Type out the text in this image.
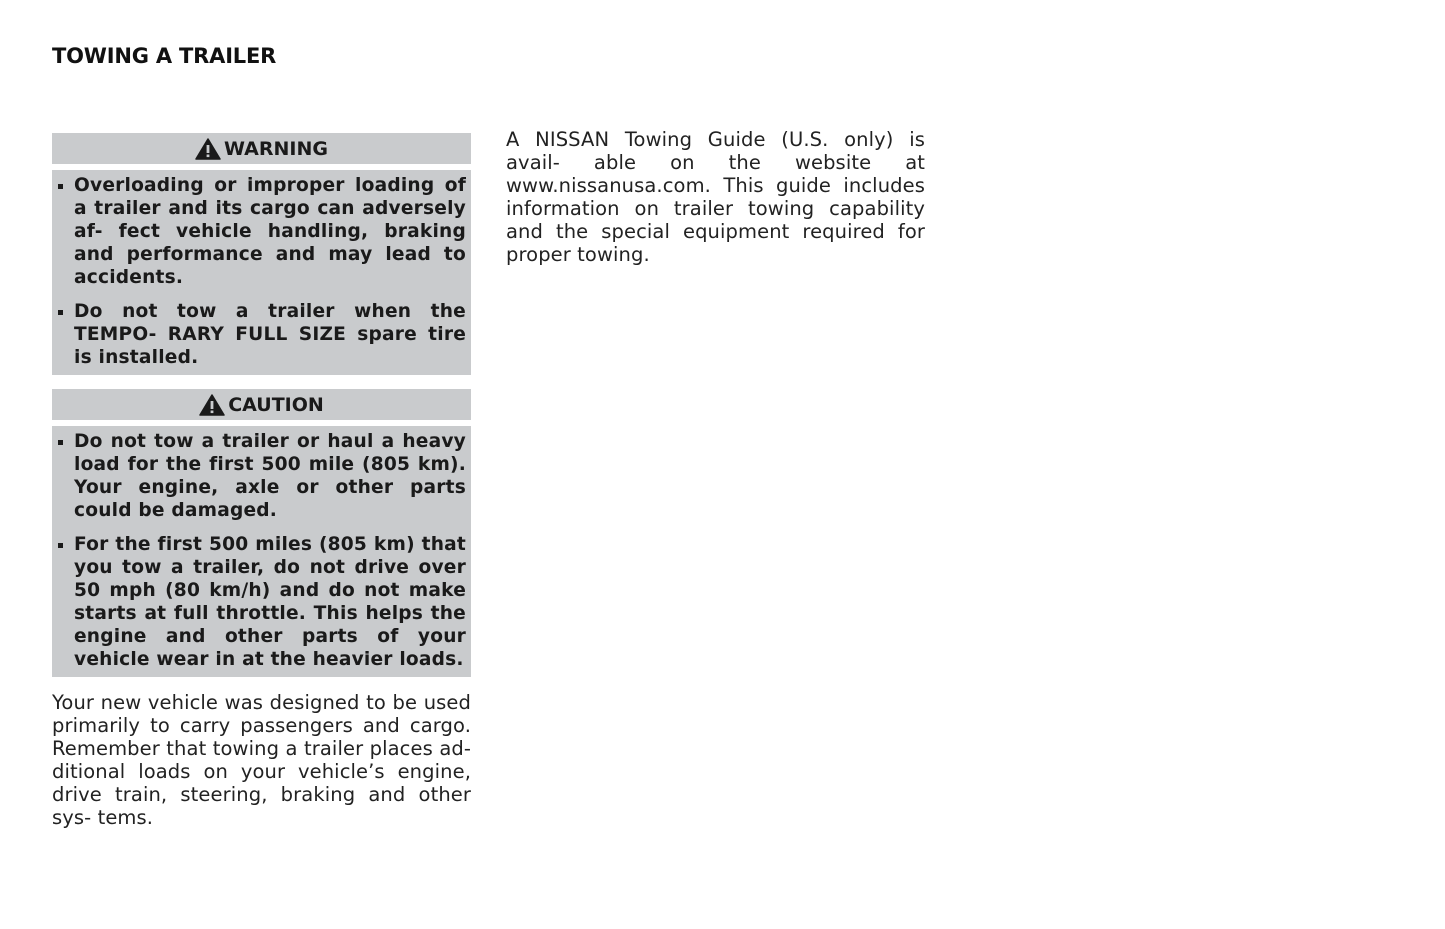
TOWING A TRAILER
WARNING
Overloading or improper loading of a trailer and its cargo can adversely af- fect vehicle handling, braking and performance and may lead to accidents.
Do not tow a trailer when the TEMPO- RARY FULL SIZE spare tire is installed.
CAUTION
Do not tow a trailer or haul a heavy load for the first 500 mile (805 km). Your engine, axle or other parts could be damaged.
For the first 500 miles (805 km) that you tow a trailer, do not drive over 50 mph (80 km/h) and do not make starts at full throttle. This helps the engine and other parts of your vehicle wear in at the heavier loads.

Your new vehicle was designed to be used primarily to carry passengers and cargo. Remember that towing a trailer places ad- ditional loads on your vehicle’s engine, drive train, steering, braking and other sys- tems.

A NISSAN Towing Guide (U.S. only) is avail- able on the website at www.nissanusa.com. This guide includes information on trailer towing capability and the special equipment required for proper towing.
